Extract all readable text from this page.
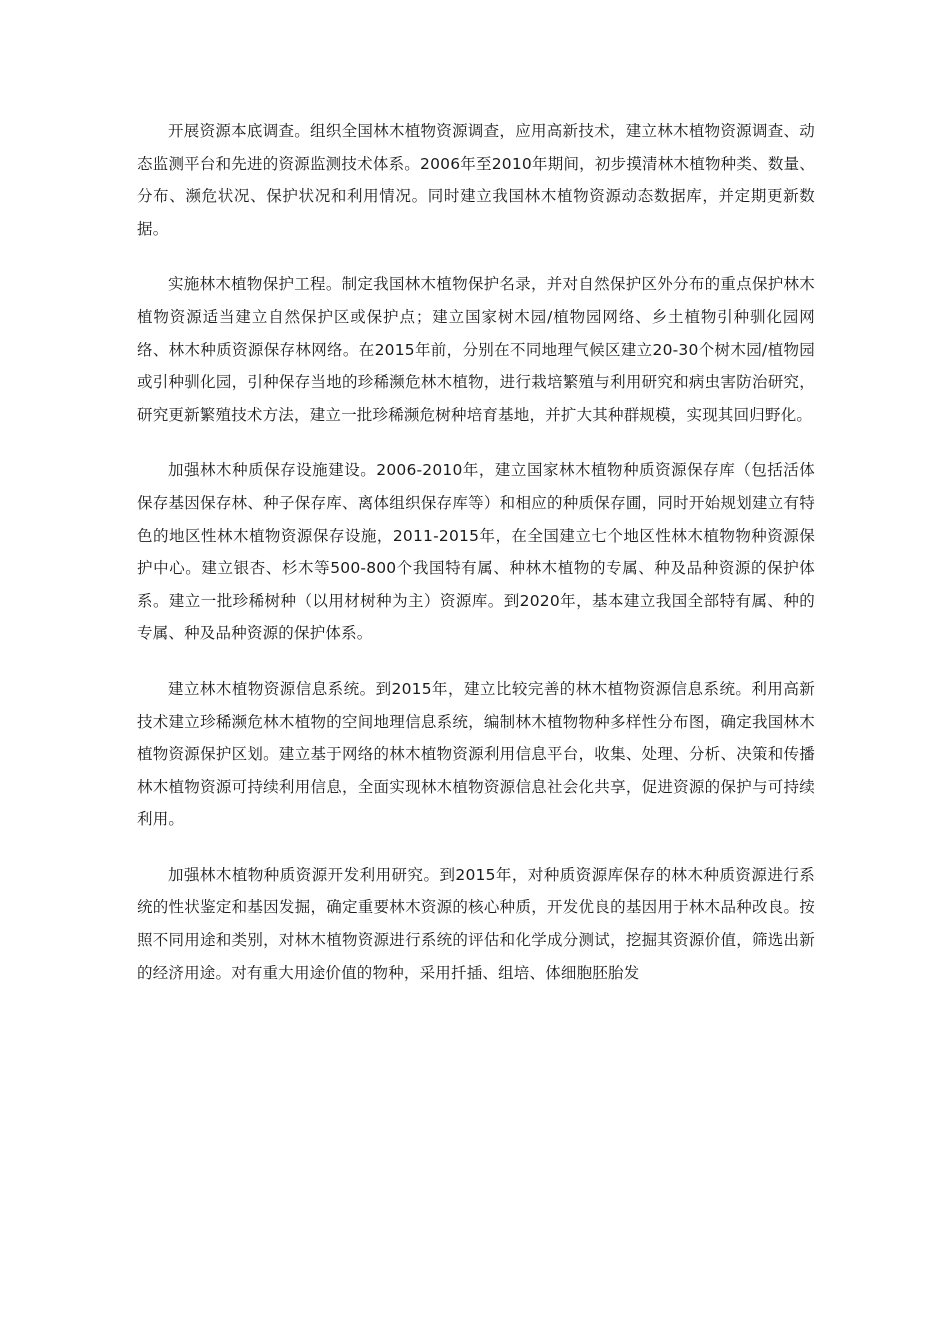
开展资源本底调查。组织全国林木植物资源调查，应用高新技术，建立林木植物资源调查、动态监测平台和先进的资源监测技术体系。2006年至2010年期间，初步摸清林木植物种类、数量、分布、濒危状况、保护状况和利用情况。同时建立我国林木植物资源动态数据库，并定期更新数据。

实施林木植物保护工程。制定我国林木植物保护名录，并对自然保护区外分布的重点保护林木植物资源适当建立自然保护区或保护点；建立国家树木园/植物园网络、乡土植物引种驯化园网络、林木种质资源保存林网络。在2015年前，分别在不同地理气候区建立20-30个树木园/植物园或引种驯化园，引种保存当地的珍稀濒危林木植物，进行栽培繁殖与利用研究和病虫害防治研究，研究更新繁殖技术方法，建立一批珍稀濒危树种培育基地，并扩大其种群规模，实现其回归野化。

加强林木种质保存设施建设。2006-2010年，建立国家林木植物种质资源保存库（包括活体保存基因保存林、种子保存库、离体组织保存库等）和相应的种质保存圃，同时开始规划建立有特色的地区性林木植物资源保存设施，2011-2015年，在全国建立七个地区性林木植物物种资源保护中心。建立银杏、杉木等500-800个我国特有属、种林木植物的专属、种及品种资源的保护体系。建立一批珍稀树种（以用材树种为主）资源库。到2020年，基本建立我国全部特有属、种的专属、种及品种资源的保护体系。

建立林木植物资源信息系统。到2015年，建立比较完善的林木植物资源信息系统。利用高新技术建立珍稀濒危林木植物的空间地理信息系统，编制林木植物物种多样性分布图，确定我国林木植物资源保护区划。建立基于网络的林木植物资源利用信息平台，收集、处理、分析、决策和传播林木植物资源可持续利用信息，全面实现林木植物资源信息社会化共享，促进资源的保护与可持续利用。

加强林木植物种质资源开发利用研究。到2015年，对种质资源库保存的林木种质资源进行系统的性状鉴定和基因发掘，确定重要林木资源的核心种质，开发优良的基因用于林木品种改良。按照不同用途和类别，对林木植物资源进行系统的评估和化学成分测试，挖掘其资源价值，筛选出新的经济用途。对有重大用途价值的物种，采用扦插、组培、体细胞胚胎发
